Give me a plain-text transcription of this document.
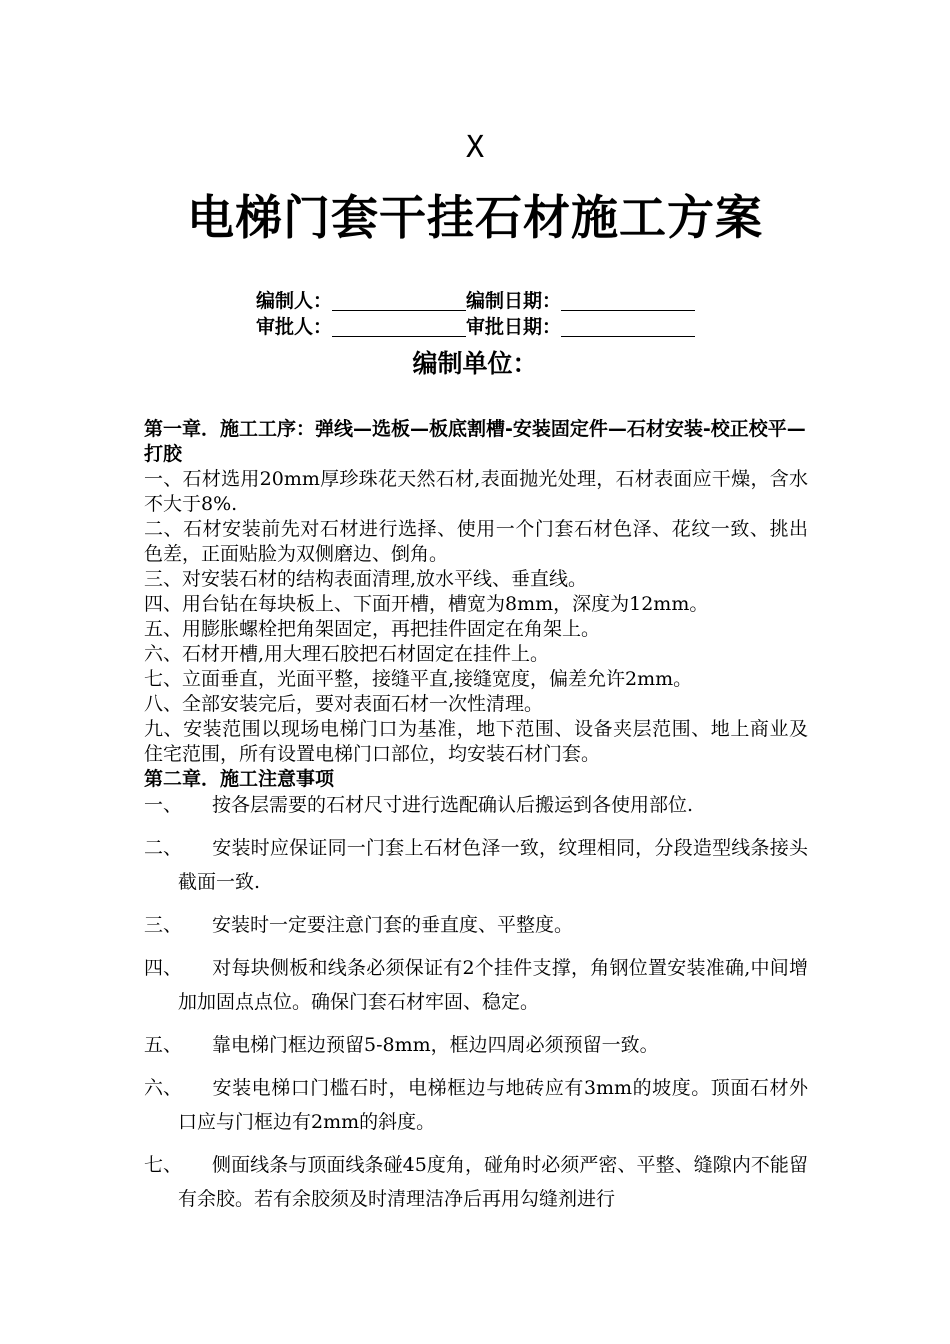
X
电梯门套干挂石材施工方案
编制人：	编制日期：
审批人：	审批日期：
编制单位：

第一章．施工工序：弹线—选板—板底割槽-安装固定件—石材安装-校正校平—打胶

一、石材选用20mm厚珍珠花天然石材,表面抛光处理，石材表面应干燥，含水不大于8%.

二、石材安装前先对石材进行选择、使用一个门套石材色泽、花纹一致、挑出色差，正面贴脸为双侧磨边、倒角。

三、对安装石材的结构表面清理,放水平线、垂直线。

四、用台钻在每块板上、下面开槽，槽宽为8mm，深度为12mm。

五、用膨胀螺栓把角架固定，再把挂件固定在角架上。

六、石材开槽,用大理石胶把石材固定在挂件上。

七、立面垂直，光面平整，接缝平直,接缝宽度，偏差允许2mm。

八、全部安装完后，要对表面石材一次性清理。

九、安装范围以现场电梯门口为基准，地下范围、设备夹层范围、地上商业及住宅范围，所有设置电梯门口部位，均安装石材门套。

第二章．施工注意事项

一、 按各层需要的石材尺寸进行选配确认后搬运到各使用部位.

二、 安装时应保证同一门套上石材色泽一致，纹理相同，分段造型线条接头截面一致.

三、 安装时一定要注意门套的垂直度、平整度。

四、 对每块侧板和线条必须保证有2个挂件支撑，角钢位置安装准确,中间增加加固点点位。确保门套石材牢固、稳定。

五、 靠电梯门框边预留5-8mm，框边四周必须预留一致。

六、 安装电梯口门槛石时，电梯框边与地砖应有3mm的坡度。顶面石材外口应与门框边有2mm的斜度。

七、 侧面线条与顶面线条碰45度角，碰角时必须严密、平整、缝隙内不能留有余胶。若有余胶须及时清理洁净后再用勾缝剂进行
